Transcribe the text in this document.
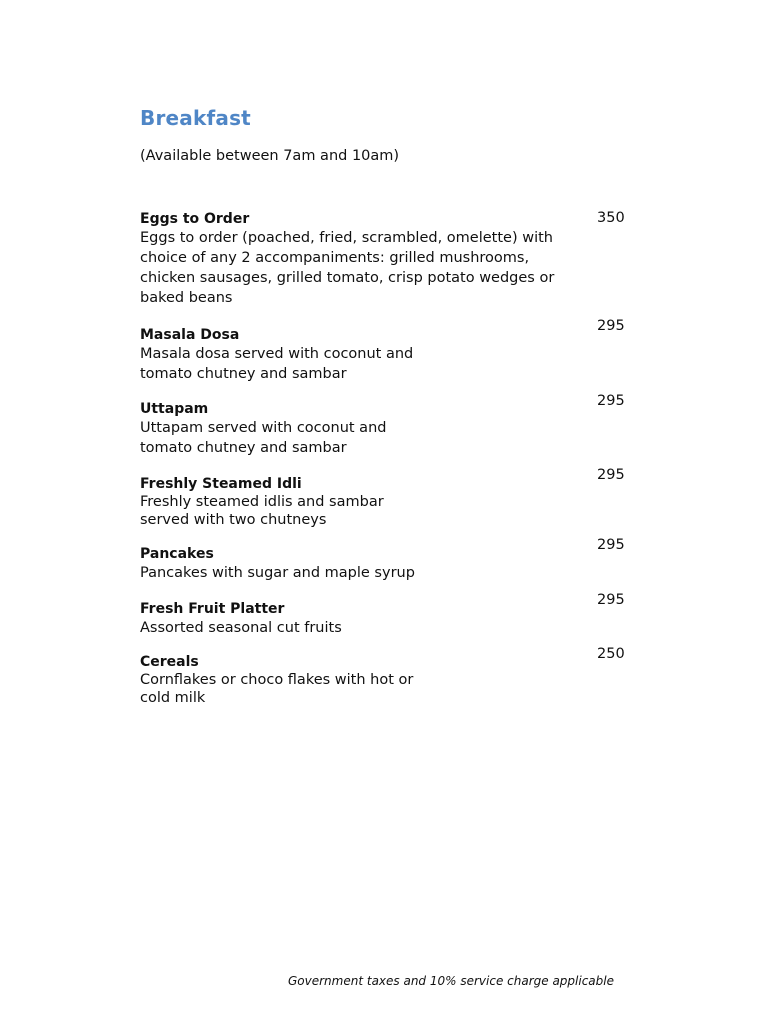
Breakfast
(Available between 7am and 10am)
Eggs to Order
Eggs to order (poached, fried, scrambled, omelette) with
choice of any 2 accompaniments: grilled mushrooms,
chicken sausages, grilled tomato, crisp potato wedges or
baked beans
350
Masala Dosa
Masala dosa served with coconut and
tomato chutney and sambar
295
Uttapam
Uttapam served with coconut and
tomato chutney and sambar
295
Freshly Steamed Idli
Freshly steamed idlis and sambar
served with two chutneys
295
Pancakes
Pancakes with sugar and maple syrup
295
Fresh Fruit Platter
Assorted seasonal cut fruits
295
Cereals
Cornflakes or choco flakes with hot or
cold milk
250
Government taxes and 10% service charge applicable
